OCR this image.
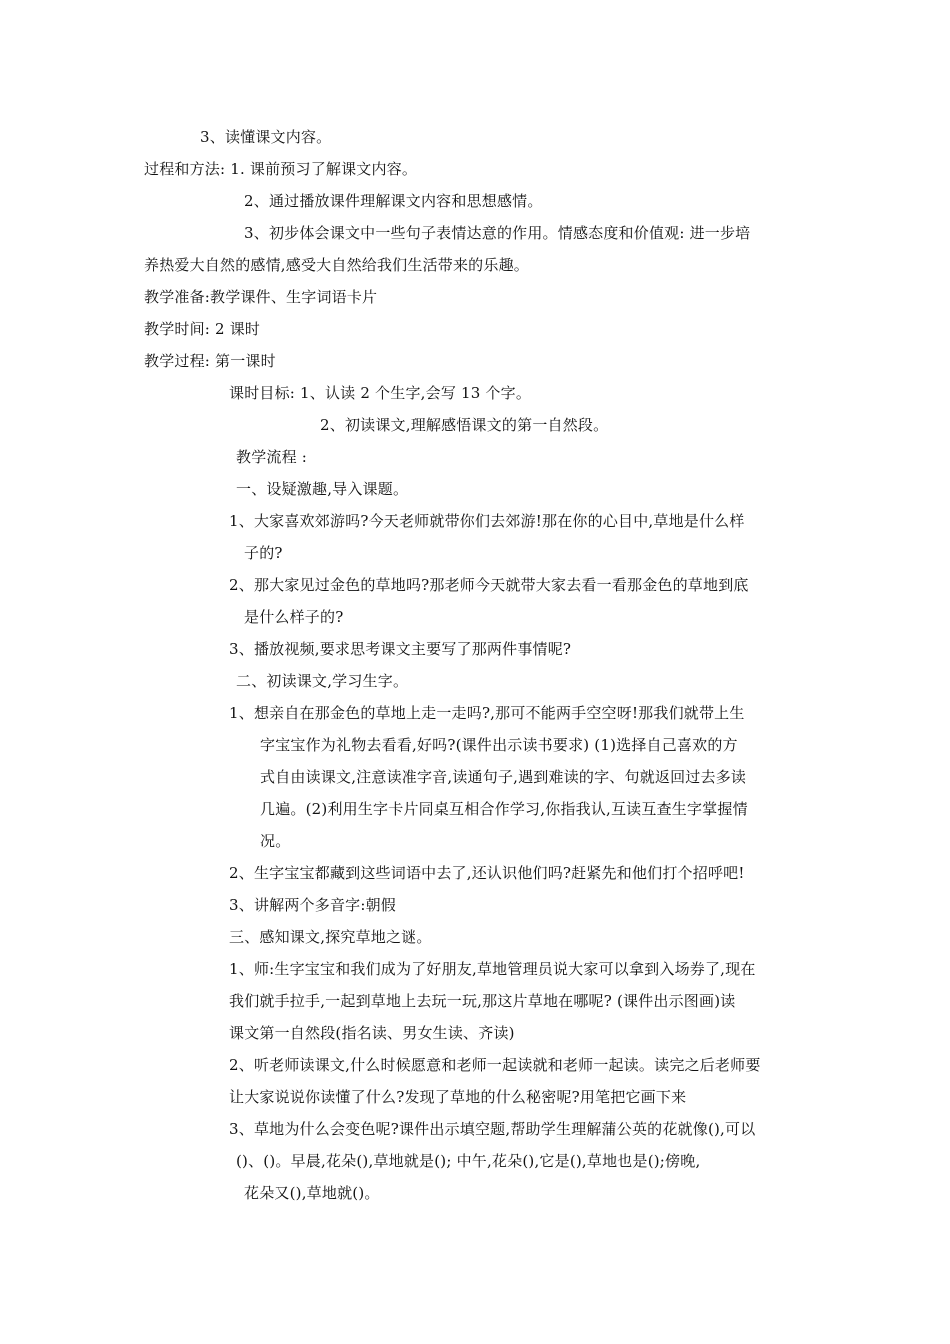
3、读懂课文内容。
过程和方法: 1. 课前预习了解课文内容。
2、通过播放课件理解课文内容和思想感情。
3、初步体会课文中一些句子表情达意的作用。情感态度和价值观: 进一步培
养热爱大自然的感情,感受大自然给我们生活带来的乐趣。
教学准备:教学课件、生字词语卡片
教学时间: 2 课时
教学过程: 第一课时
课时目标: 1、认读 2 个生字,会写 13 个字。
2、初读课文,理解感悟课文的第一自然段。
教学流程 :
一、设疑激趣,导入课题。
1、大家喜欢郊游吗?今天老师就带你们去郊游!那在你的心目中,草地是什么样
子的?
2、那大家见过金色的草地吗?那老师今天就带大家去看一看那金色的草地到底
是什么样子的?
3、播放视频,要求思考课文主要写了那两件事情呢?
二、初读课文,学习生字。
1、想亲自在那金色的草地上走一走吗?,那可不能两手空空呀!那我们就带上生
字宝宝作为礼物去看看,好吗?(课件出示读书要求) (1)选择自己喜欢的方
式自由读课文,注意读准字音,读通句子,遇到难读的字、句就返回过去多读
几遍。(2)利用生字卡片同桌互相合作学习,你指我认,互读互查生字掌握情
况。
2、生字宝宝都藏到这些词语中去了,还认识他们吗?赶紧先和他们打个招呼吧!
3、讲解两个多音字:朝假
三、感知课文,探究草地之谜。
1、师:生字宝宝和我们成为了好朋友,草地管理员说大家可以拿到入场券了,现在
我们就手拉手,一起到草地上去玩一玩,那这片草地在哪呢? (课件出示图画)读
课文第一自然段(指名读、男女生读、齐读)
2、听老师读课文,什么时候愿意和老师一起读就和老师一起读。读完之后老师要
让大家说说你读懂了什么?发现了草地的什么秘密呢?用笔把它画下来
3、草地为什么会变色呢?课件出示填空题,帮助学生理解蒲公英的花就像(),可以
()、()。早晨,花朵(),草地就是(); 中午,花朵(),它是(),草地也是();傍晚,
花朵又(),草地就()。
